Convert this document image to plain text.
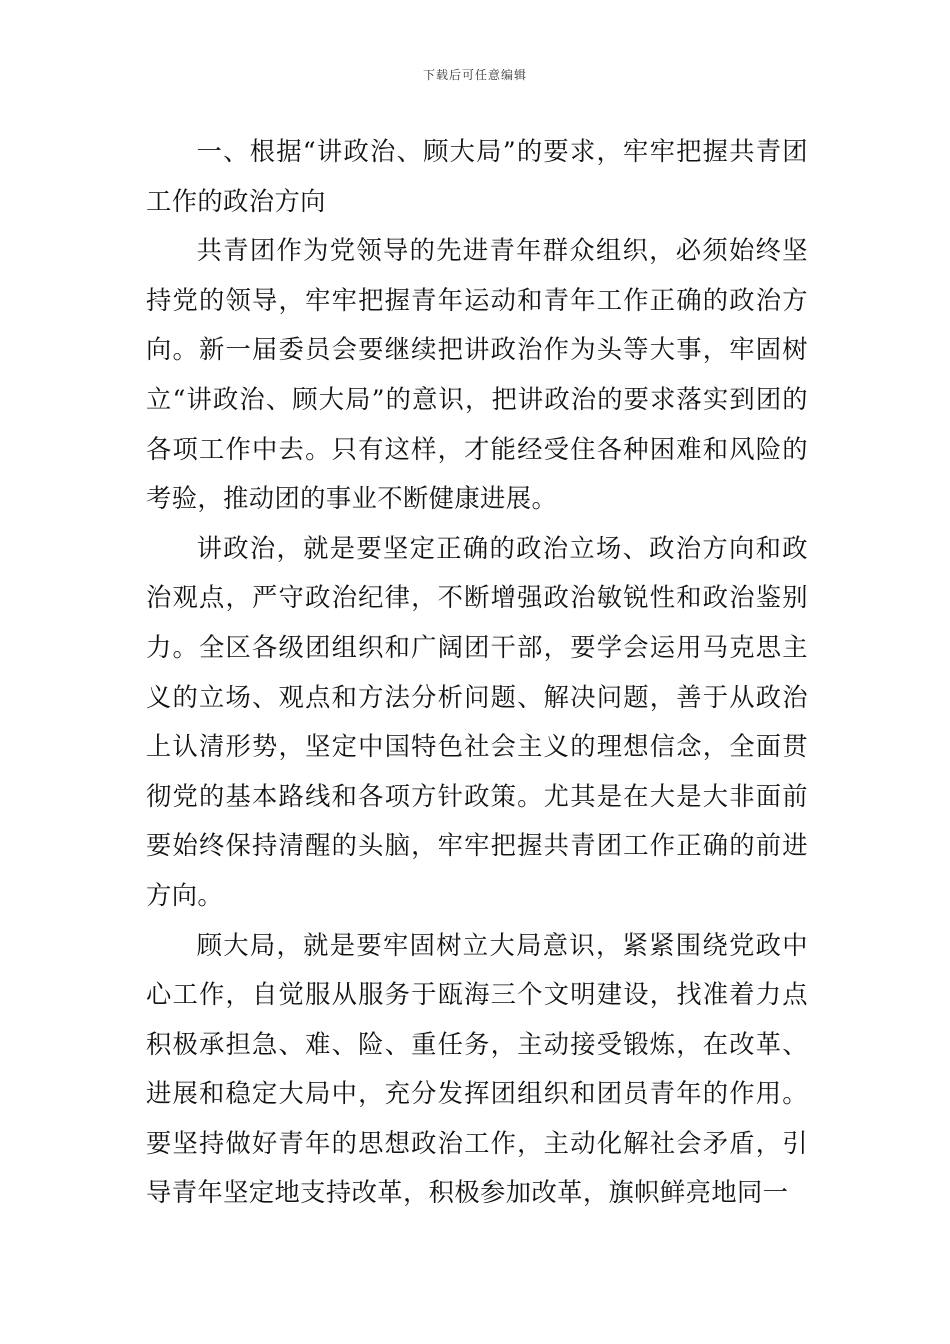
下载后可任意编辑

一、根据“讲政治、顾大局”的要求，牢牢把握共青团工作的政治方向

共青团作为党领导的先进青年群众组织，必须始终坚持党的领导，牢牢把握青年运动和青年工作正确的政治方向。新一届委员会要继续把讲政治作为头等大事，牢固树立“讲政治、顾大局”的意识，把讲政治的要求落实到团的各项工作中去。只有这样，才能经受住各种困难和风险的考验，推动团的事业不断健康进展。

讲政治，就是要坚定正确的政治立场、政治方向和政治观点，严守政治纪律，不断增强政治敏锐性和政治鉴别力。全区各级团组织和广阔团干部，要学会运用马克思主义的立场、观点和方法分析问题、解决问题，善于从政治上认清形势，坚定中国特色社会主义的理想信念，全面贯彻党的基本路线和各项方针政策。尤其是在大是大非面前要始终保持清醒的头脑，牢牢把握共青团工作正确的前进方向。

顾大局，就是要牢固树立大局意识，紧紧围绕党政中心工作，自觉服从服务于瓯海三个文明建设，找准着力点积极承担急、难、险、重任务，主动接受锻炼，在改革、进展和稳定大局中，充分发挥团组织和团员青年的作用。要坚持做好青年的思想政治工作，主动化解社会矛盾，引导青年坚定地支持改革，积极参加改革，旗帜鲜亮地同一
